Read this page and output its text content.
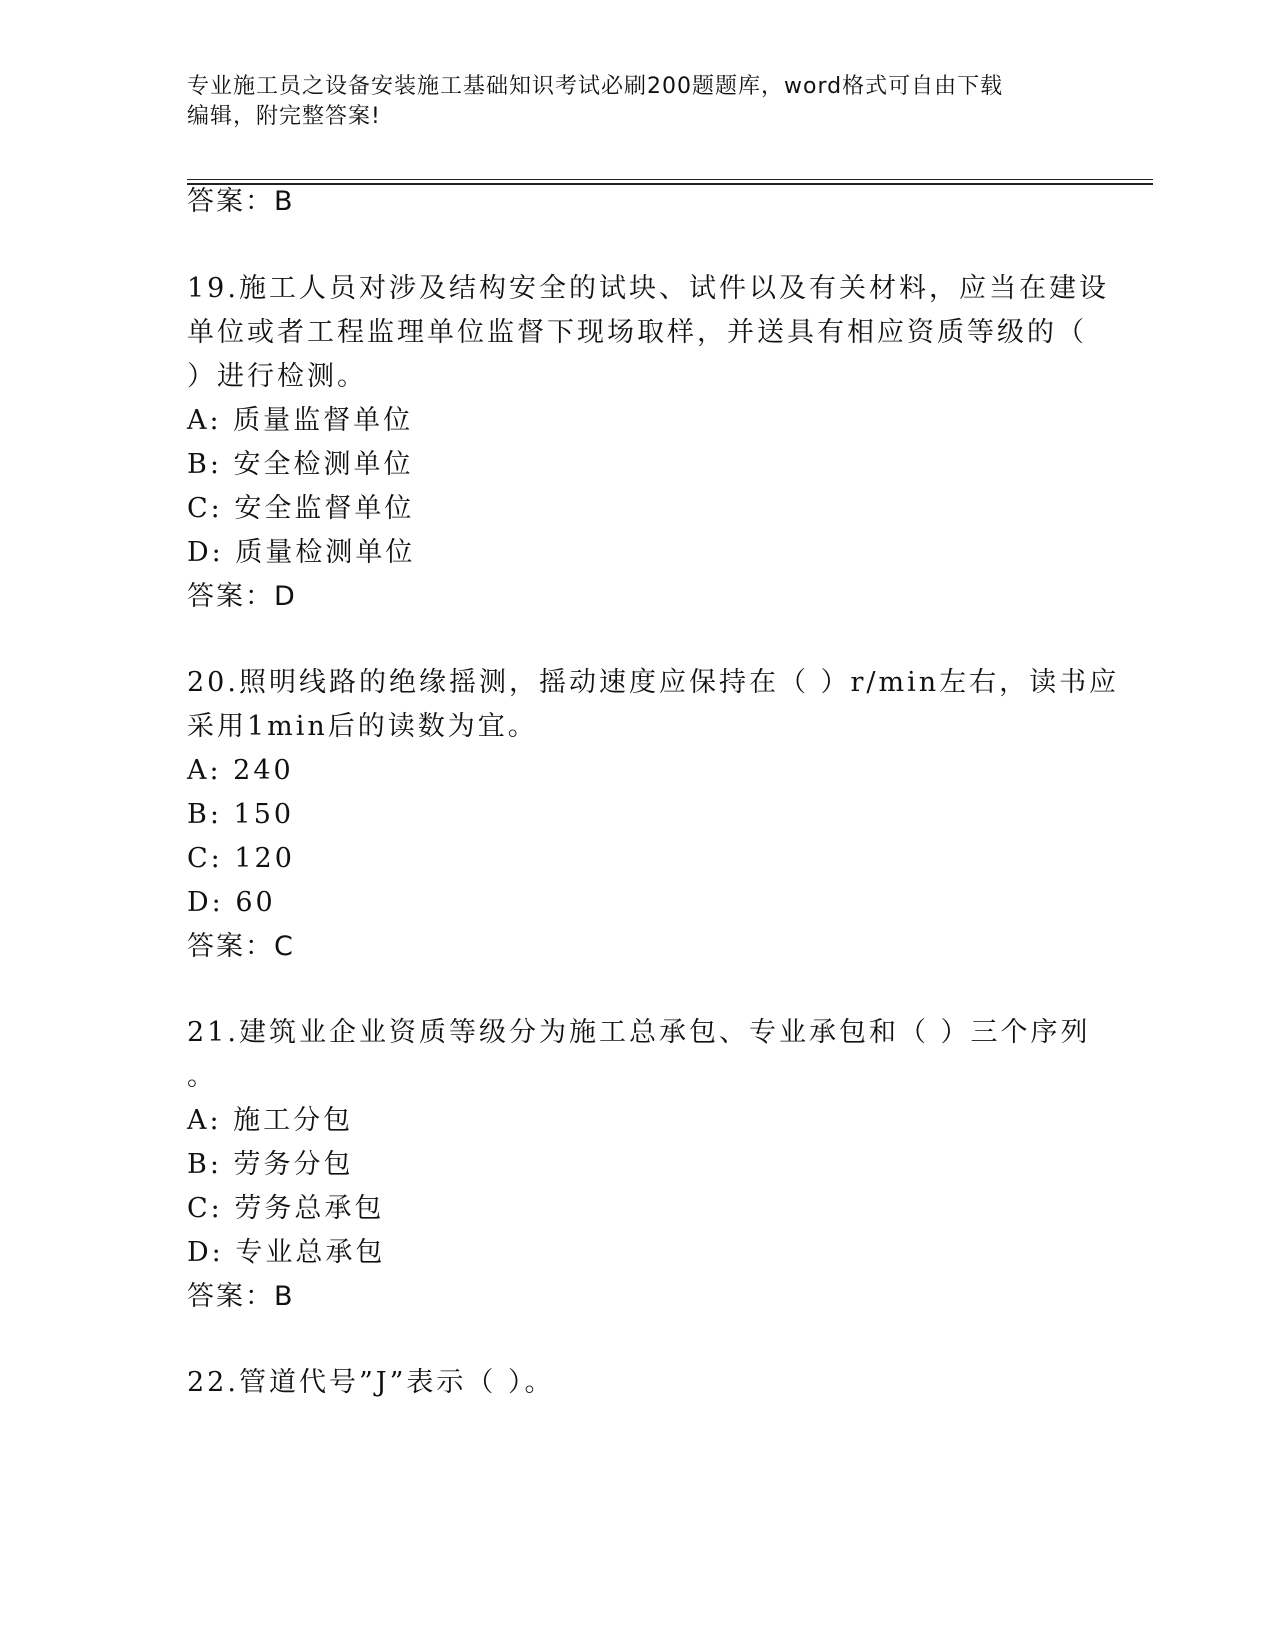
专业施工员之设备安装施工基础知识考试必刷200题题库，word格式可自由下载
编辑，附完整答案!
答案：B
19.施工人员对涉及结构安全的试块、试件以及有关材料，应当在建设
单位或者工程监理单位监督下现场取样，并送具有相应资质等级的（
）进行检测。
A: 质量监督单位
B: 安全检测单位
C: 安全监督单位
D: 质量检测单位
答案：D
20.照明线路的绝缘摇测，摇动速度应保持在（ ）r/min左右，读书应
采用1min后的读数为宜。
A: 240
B: 150
C: 120
D: 60
答案：C
21.建筑业企业资质等级分为施工总承包、专业承包和（ ）三个序列
。
A: 施工分包
B: 劳务分包
C: 劳务总承包
D: 专业总承包
答案：B
22.管道代号”J”表示（ ）。
